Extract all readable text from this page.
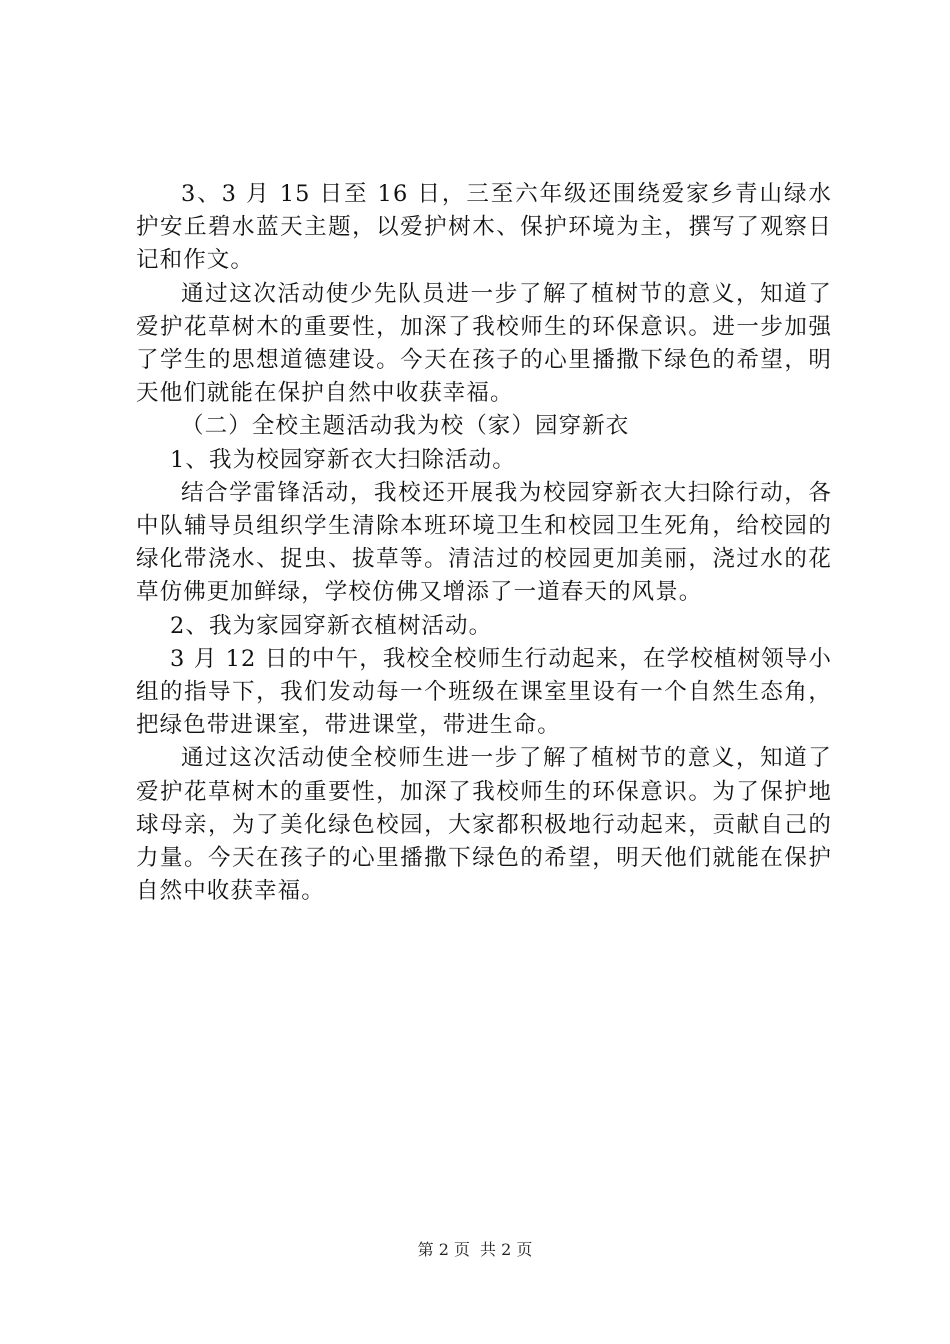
3、3 月 15 日至 16 日，三至六年级还围绕爱家乡青山绿水护安丘碧水蓝天主题，以爱护树木、保护环境为主，撰写了观察日记和作文。

通过这次活动使少先队员进一步了解了植树节的意义，知道了爱护花草树木的重要性，加深了我校师生的环保意识。进一步加强了学生的思想道德建设。今天在孩子的心里播撒下绿色的希望，明天他们就能在保护自然中收获幸福。

（二）全校主题活动我为校（家）园穿新衣

1、我为校园穿新衣大扫除活动。

结合学雷锋活动，我校还开展我为校园穿新衣大扫除行动，各中队辅导员组织学生清除本班环境卫生和校园卫生死角，给校园的绿化带浇水、捉虫、拔草等。清洁过的校园更加美丽，浇过水的花草仿佛更加鲜绿，学校仿佛又增添了一道春天的风景。

2、我为家园穿新衣植树活动。

3 月 12 日的中午，我校全校师生行动起来，在学校植树领导小组的指导下，我们发动每一个班级在课室里设有一个自然生态角，把绿色带进课室，带进课堂，带进生命。

通过这次活动使全校师生进一步了解了植树节的意义，知道了爱护花草树木的重要性，加深了我校师生的环保意识。为了保护地球母亲，为了美化绿色校园，大家都积极地行动起来，贡献自己的力量。今天在孩子的心里播撒下绿色的希望，明天他们就能在保护自然中收获幸福。

第 2 页 共 2 页
